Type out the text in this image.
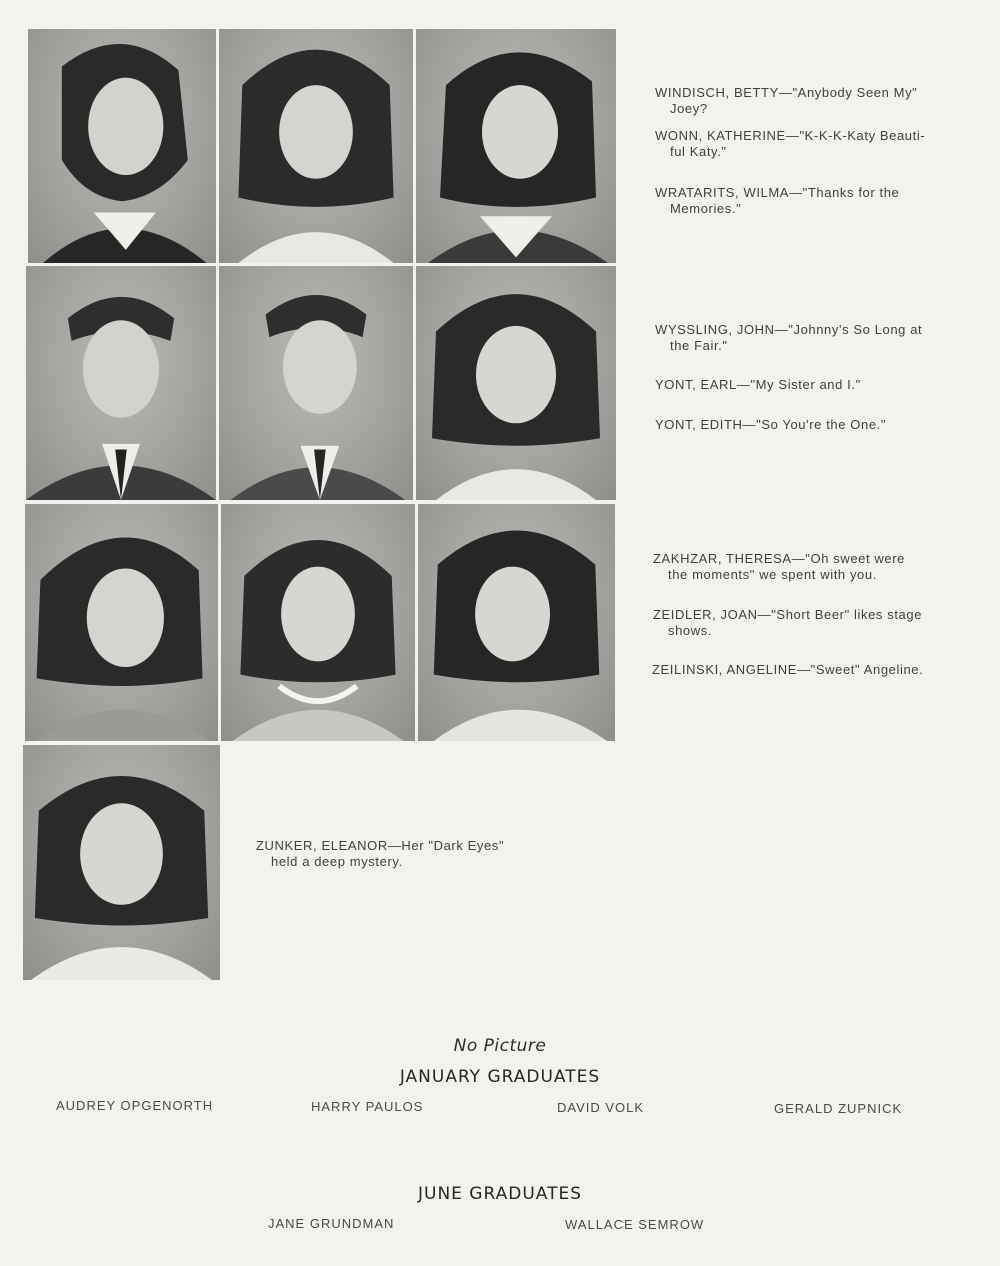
WINDISCH, BETTY—"Anybody Seen My"
Joey?
WONN, KATHERINE—"K-K-K-Katy Beauti-
ful Katy."
WRATARITS, WILMA—"Thanks for the
Memories."
WYSSLING, JOHN—"Johnny's So Long at
the Fair."
YONT, EARL—"My Sister and I."
YONT, EDITH—"So You're the One."
ZAKHZAR, THERESA—"Oh sweet were
the moments" we spent with you.
ZEIDLER, JOAN—"Short Beer" likes stage
shows.
ZEILINSKI, ANGELINE—"Sweet" Angeline.
ZUNKER, ELEANOR—Her "Dark Eyes"
held a deep mystery.
No Picture
JANUARY GRADUATES
AUDREY OPGENORTH	HARRY PAULOS	DAVID VOLK	GERALD ZUPNICK
JUNE GRADUATES
JANE GRUNDMAN	WALLACE SEMROW
